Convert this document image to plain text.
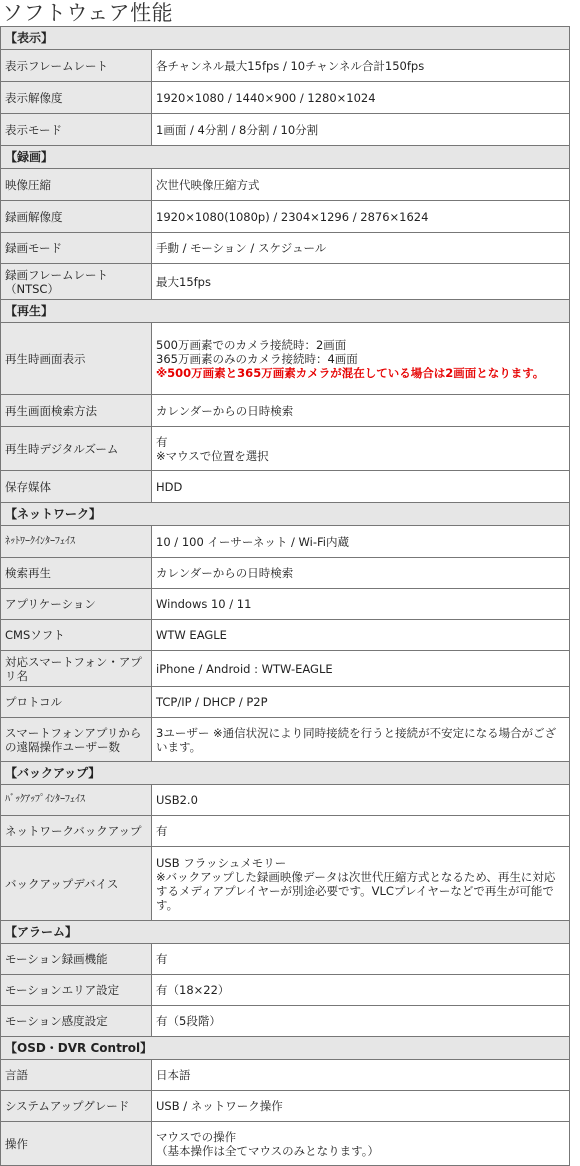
ソフトウェア性能
【表示】	
表示フレームレート	各チャンネル最大15fps / 10チャンネル合計150fps

表示解像度	1920×1080 / 1440×900 / 1280×1024

表示モード	1画面 / 4分割 / 8分割 / 10分割

【録画】	
映像圧縮	次世代映像圧縮方式

録画解像度	1920×1080(1080p) / 2304×1296 / 2876×1624

録画モード	手動 / モーション / スケジュール

録画フレームレート（NTSC）	最大15fps

【再生】	
再生時画面表示	500万画素でのカメラ接続時：2画面
365万画素のみのカメラ接続時：4画面
※500万画素と365万画素カメラが混在している場合は2画面となります。

再生画面検索方法	カレンダーからの日時検索

再生時デジタルズーム	有
※マウスで位置を選択

保存媒体	HDD

【ネットワーク】	
ﾈｯﾄﾜｰｸｲﾝﾀｰﾌｪｲｽ	10 / 100 イーサーネット / Wi-Fi内蔵

検索再生	カレンダーからの日時検索

アプリケーション	Windows 10 / 11

CMSソフト	WTW EAGLE

対応スマートフォン・アプリ名	iPhone / Android : WTW-EAGLE

プロトコル	TCP/IP / DHCP / P2P

スマートフォンアプリからの遠隔操作ユーザー数	3ユーザー ※通信状況により同時接続を行うと接続が不安定になる場合がございます。

【バックアップ】	
ﾊﾞｯｸｱｯﾌﾟｲﾝﾀｰﾌｪｲｽ	USB2.0

ネットワークバックアップ	有

バックアップデバイス	USB フラッシュメモリー
※バックアップした録画映像データは次世代圧縮方式となるため、再生に対応するメディアプレイヤーが別途必要です。VLCプレイヤーなどで再生が可能です。

【アラーム】	
モーション録画機能	有

モーションエリア設定	有（18×22）

モーション感度設定	有（5段階）

【OSD・DVR Control】	
言語	日本語

システムアップグレード	USB / ネットワーク操作

操作	マウスでの操作
（基本操作は全てマウスのみとなります。）
